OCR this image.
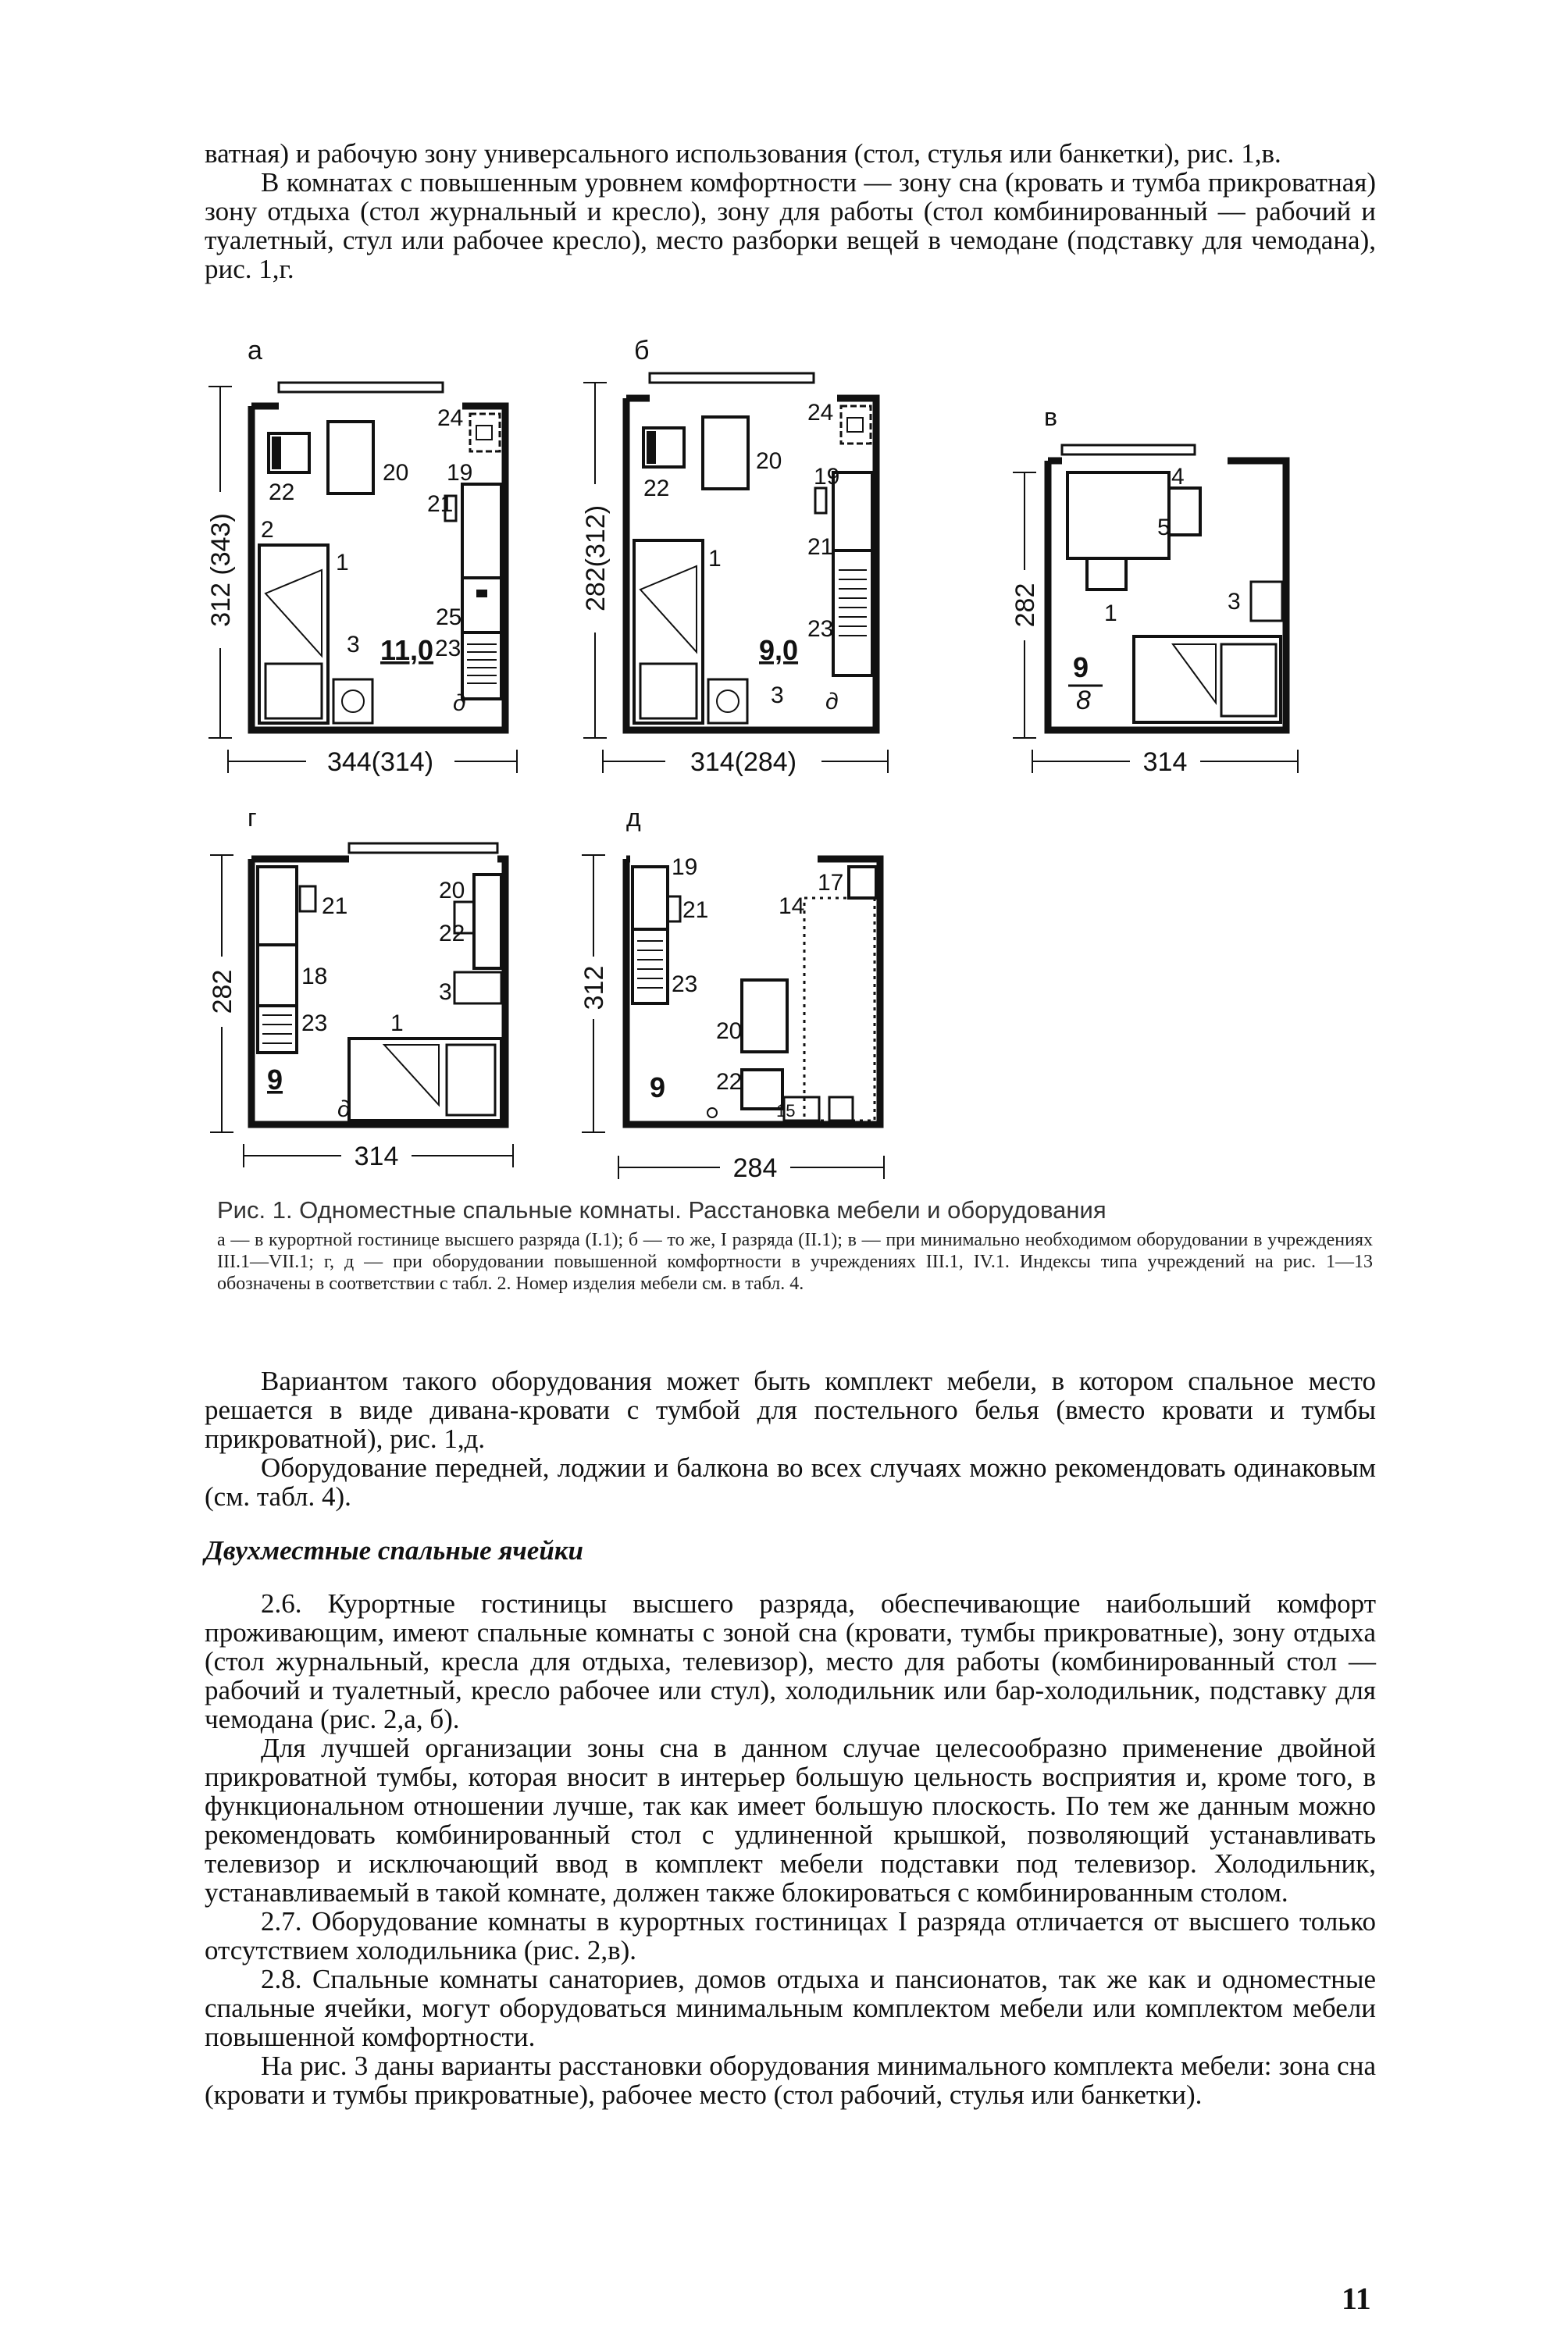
ватная) и рабочую зону универсального использования (стол, стулья или банкетки), рис. 1,в.

В комнатах с повышенным уровнем комфортности — зону сна (кровать и тумба прикроватная) зону отдыха (стол журнальный и кресло), зону для работы (стол комбинированный — рабочий и туалетный, стул или рабочее кресло), место разборки вещей в чемодане (подставку для чемодана), рис. 1,г.

а
312 (343)
344(314)
24
20 19
21
22
2
1
25
3	23
д
11,0
б
282(312)
314(284)
24
20
19
21
22
1
23
3 д
9,0
в
282
314
4
5
3
1
9
8
г
282
314
21
20
22
18
3
23	1
д
9
д
312
284
19
21
17
14
23
20
22
15
9
Рис. 1. Одноместные спальные комнаты. Расстановка мебели и оборудования
а — в курортной гостинице высшего разряда (I.1); б — то же, I разряда (II.1); в — при минимально необходимом оборудовании в учреждениях III.1—VII.1; г, д — при оборудовании повышенной комфортности в учреждениях III.1, IV.1. Индексы типа учреждений на рис. 1—13 обозначены в соответствии с табл. 2. Номер изделия мебели см. в табл. 4.

Вариантом такого оборудования может быть комплект мебели, в котором спальное место решается в виде дивана-кровати с тумбой для постельного белья (вместо кровати и тумбы прикроватной), рис. 1,д.

Оборудование передней, лоджии и балкона во всех случаях можно рекомендовать одинаковым (см. табл. 4).

Двухместные спальные ячейки

2.6. Курортные гостиницы высшего разряда, обеспечивающие наибольший комфорт проживающим, имеют спальные комнаты с зоной сна (кровати, тумбы прикроватные), зону отдыха (стол журнальный, кресла для отдыха, телевизор), место для работы (комбинированный стол — рабочий и туалетный, кресло рабочее или стул), холодильник или бар-холодильник, подставку для чемодана (рис. 2,а, б).

Для лучшей организации зоны сна в данном случае целесообразно применение двойной прикроватной тумбы, которая вносит в интерьер большую цельность восприятия и, кроме того, в функциональном отношении лучше, так как имеет большую плоскость. По тем же данным можно рекомендовать комбинированный стол с удлиненной крышкой, позволяющий устанавливать телевизор и исключающий ввод в комплект мебели подставки под телевизор. Холодильник, устанавливаемый в такой комнате, должен также блокироваться с комбинированным столом.

2.7. Оборудование комнаты в курортных гостиницах I разряда отличается от высшего только отсутствием холодильника (рис. 2,в).

2.8. Спальные комнаты санаториев, домов отдыха и пансионатов, так же как и одноместные спальные ячейки, могут оборудоваться минимальным комплектом мебели или комплектом мебели повышенной комфортности.

На рис. 3 даны варианты расстановки оборудования минимального комплекта мебели: зона сна (кровати и тумбы прикроватные), рабочее место (стол рабочий, стулья или банкетки).

11
